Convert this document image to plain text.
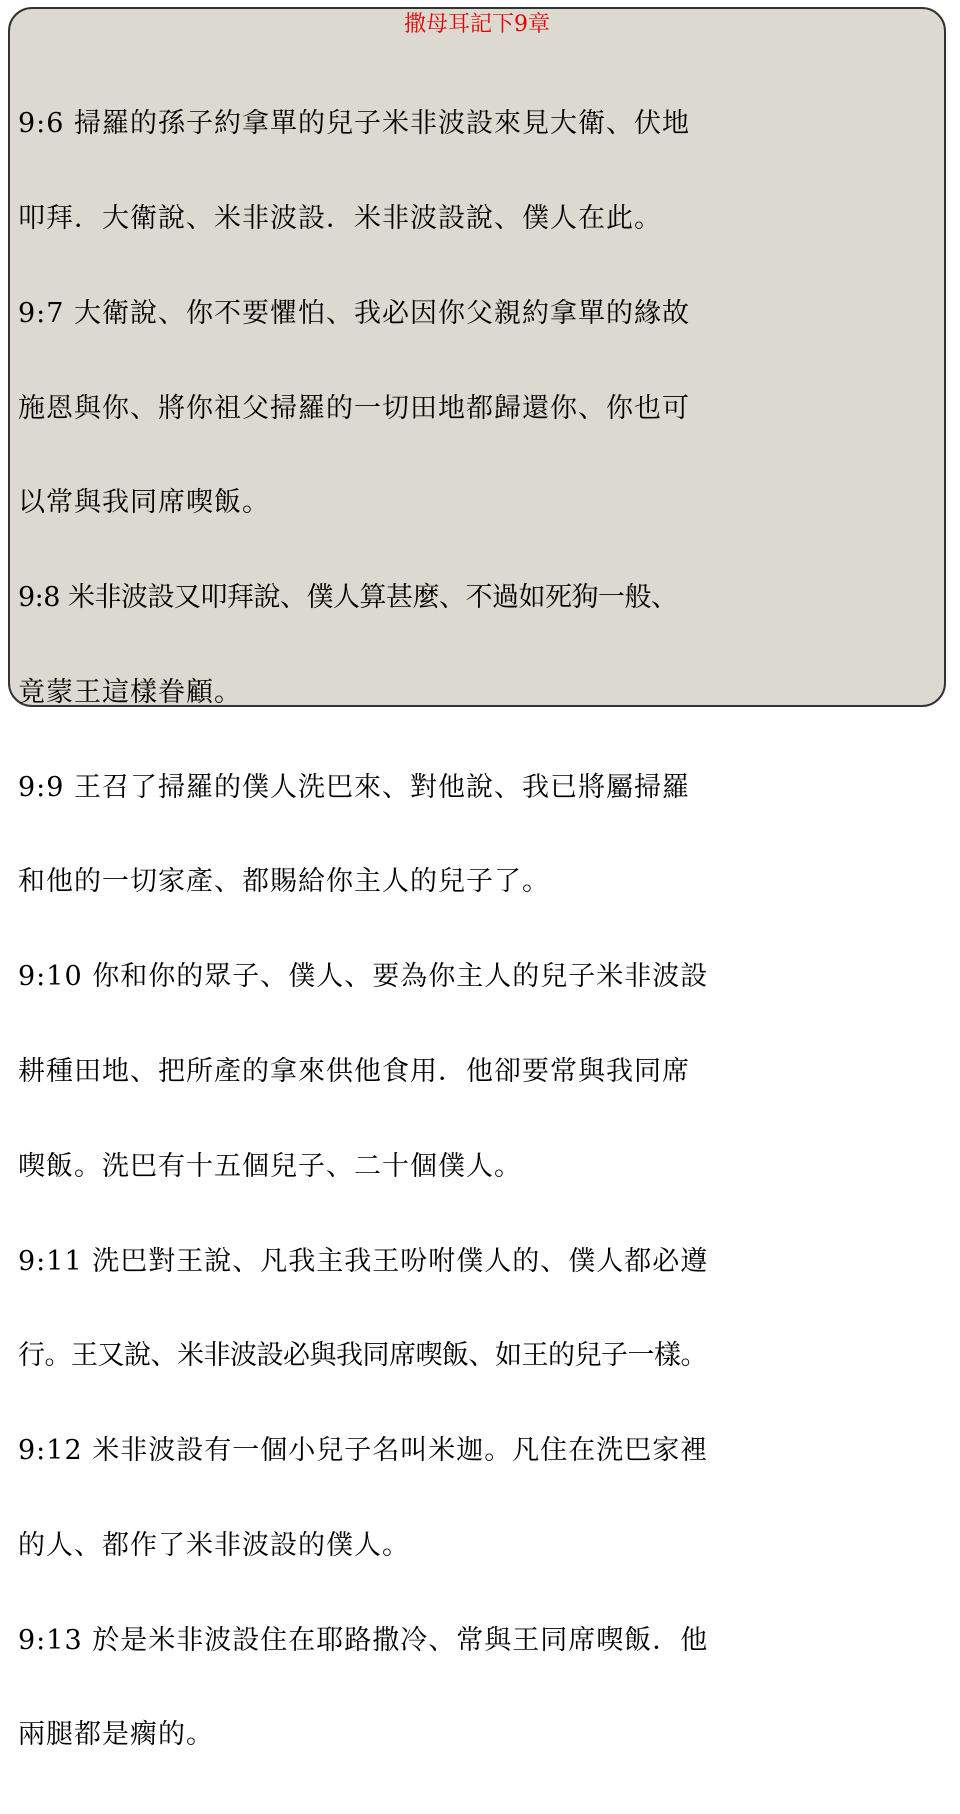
撒母耳記下9章

9:6 掃羅的孫子約拿單的兒子米非波設來見大衛、伏地

叩拜．大衛說、米非波設．米非波設說、僕人在此。

9:7 大衛說、你不要懼怕、我必因你父親約拿單的緣故

施恩與你、將你祖父掃羅的一切田地都歸還你、你也可

以常與我同席喫飯。

9:8 米非波設又叩拜說、僕人算甚麼、不過如死狗一般、

竟蒙王這樣眷顧。

9:9 王召了掃羅的僕人洗巴來、對他說、我已將屬掃羅

和他的一切家產、都賜給你主人的兒子了。

9:10 你和你的眾子、僕人、要為你主人的兒子米非波設

耕種田地、把所產的拿來供他食用．他卻要常與我同席

喫飯。洗巴有十五個兒子、二十個僕人。

9:11 洗巴對王說、凡我主我王吩咐僕人的、僕人都必遵

行。王又說、米非波設必與我同席喫飯、如王的兒子一樣。

9:12 米非波設有一個小兒子名叫米迦。凡住在洗巴家裡

的人、都作了米非波設的僕人。

9:13 於是米非波設住在耶路撒冷、常與王同席喫飯．他

兩腿都是瘸的。
